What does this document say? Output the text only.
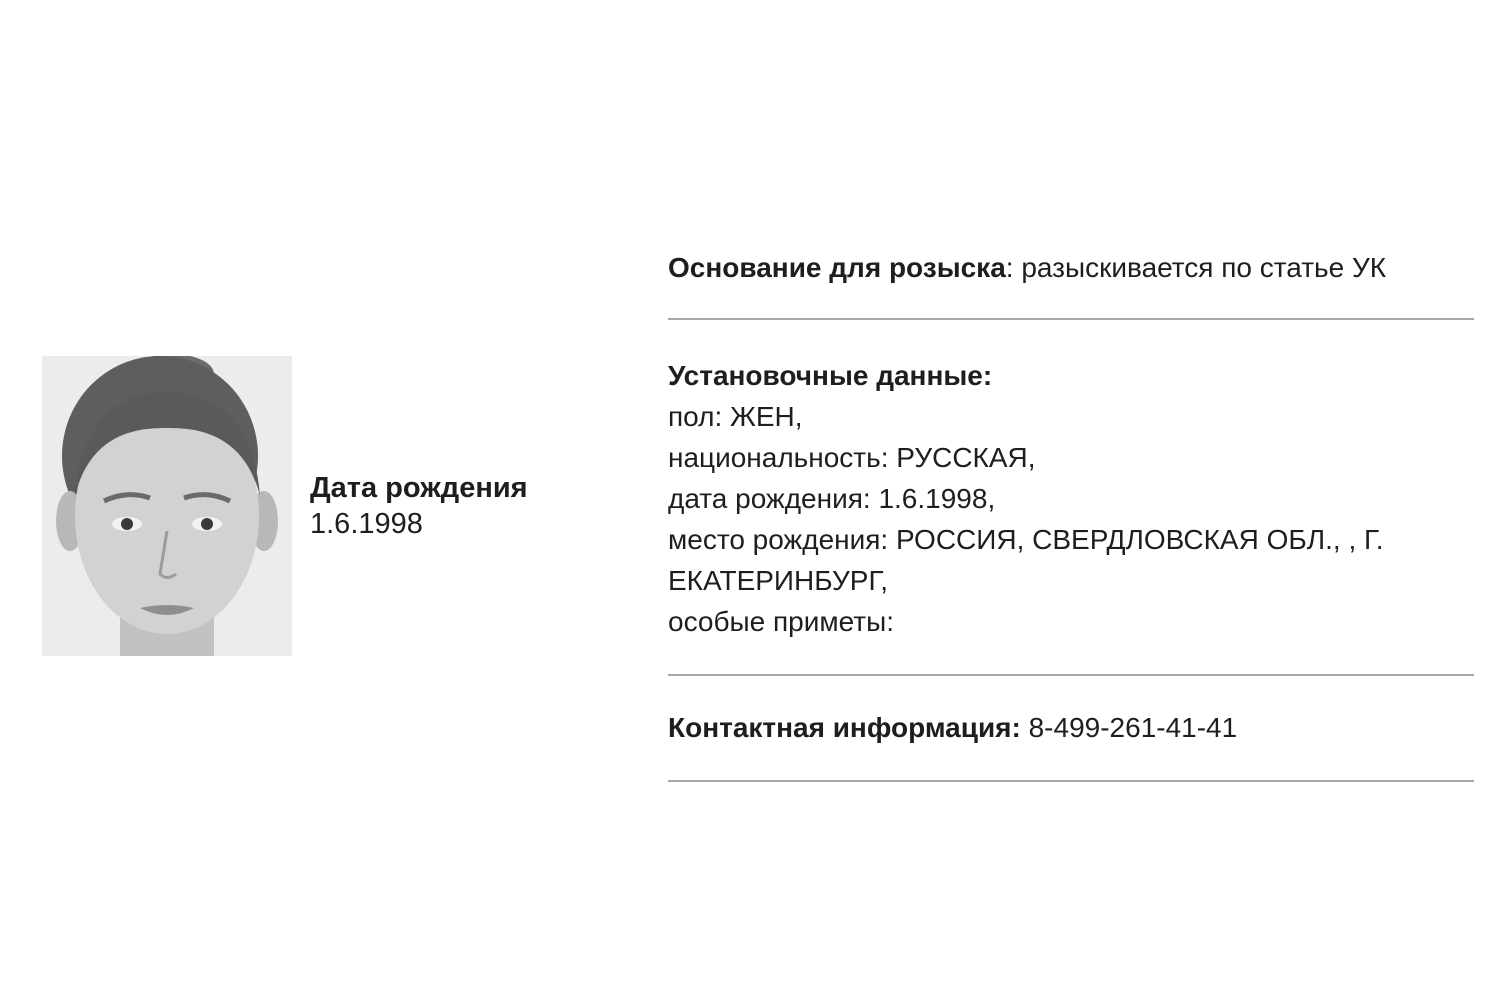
Дата рождения
1.6.1998
Основание для розыска: разыскивается по статье УК
Установочные данные:
пол: ЖЕН,
национальность: РУССКАЯ,
дата рождения: 1.6.1998,
место рождения: РОССИЯ, СВЕРДЛОВСКАЯ ОБЛ., , Г.
ЕКАТЕРИНБУРГ,
особые приметы:
Контактная информация: 8-499-261-41-41
